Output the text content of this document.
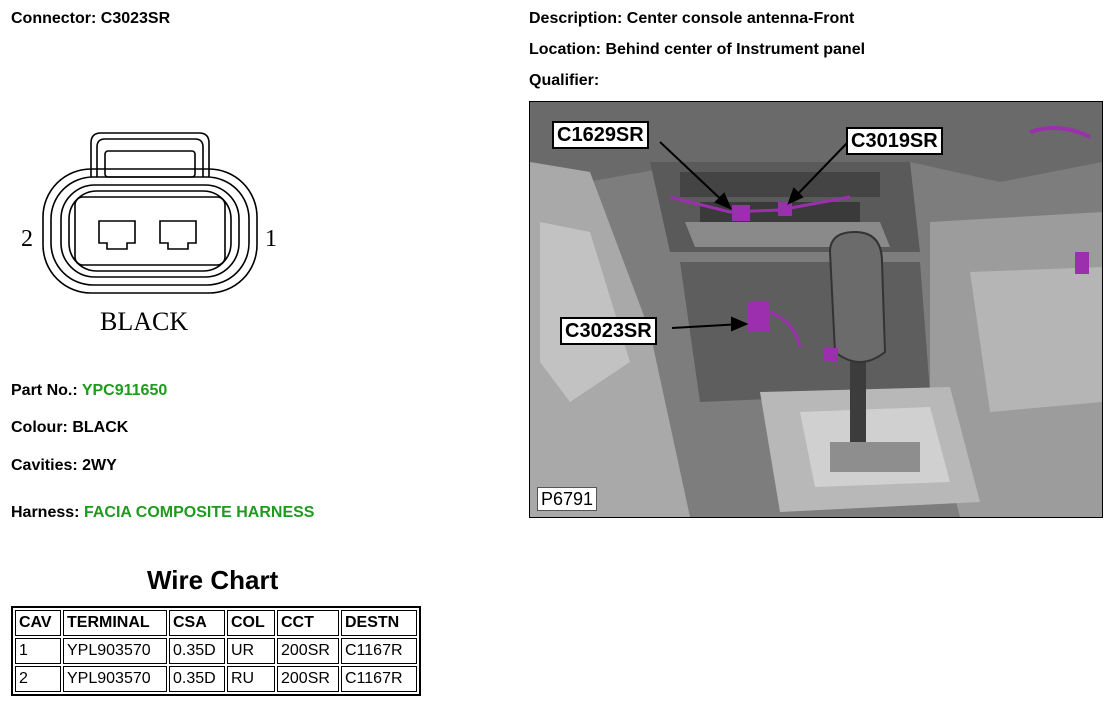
Connector: C3023SR	Description: Center console antenna-Front
Location: Behind center of Instrument panel
Qualifier:
2	1
BLACK
Part No.: YPC911650
Colour: BLACK
Cavities: 2WY
Harness: FACIA COMPOSITE HARNESS
Wire Chart
CAV	TERMINAL	CSA	COL	CCT	DESTN
1	YPL903570	0.35D	UR	200SR	C1167R
2	YPL903570	0.35D	RU	200SR	C1167R
C1629SR	C3019SR
C3023SR
P6791
